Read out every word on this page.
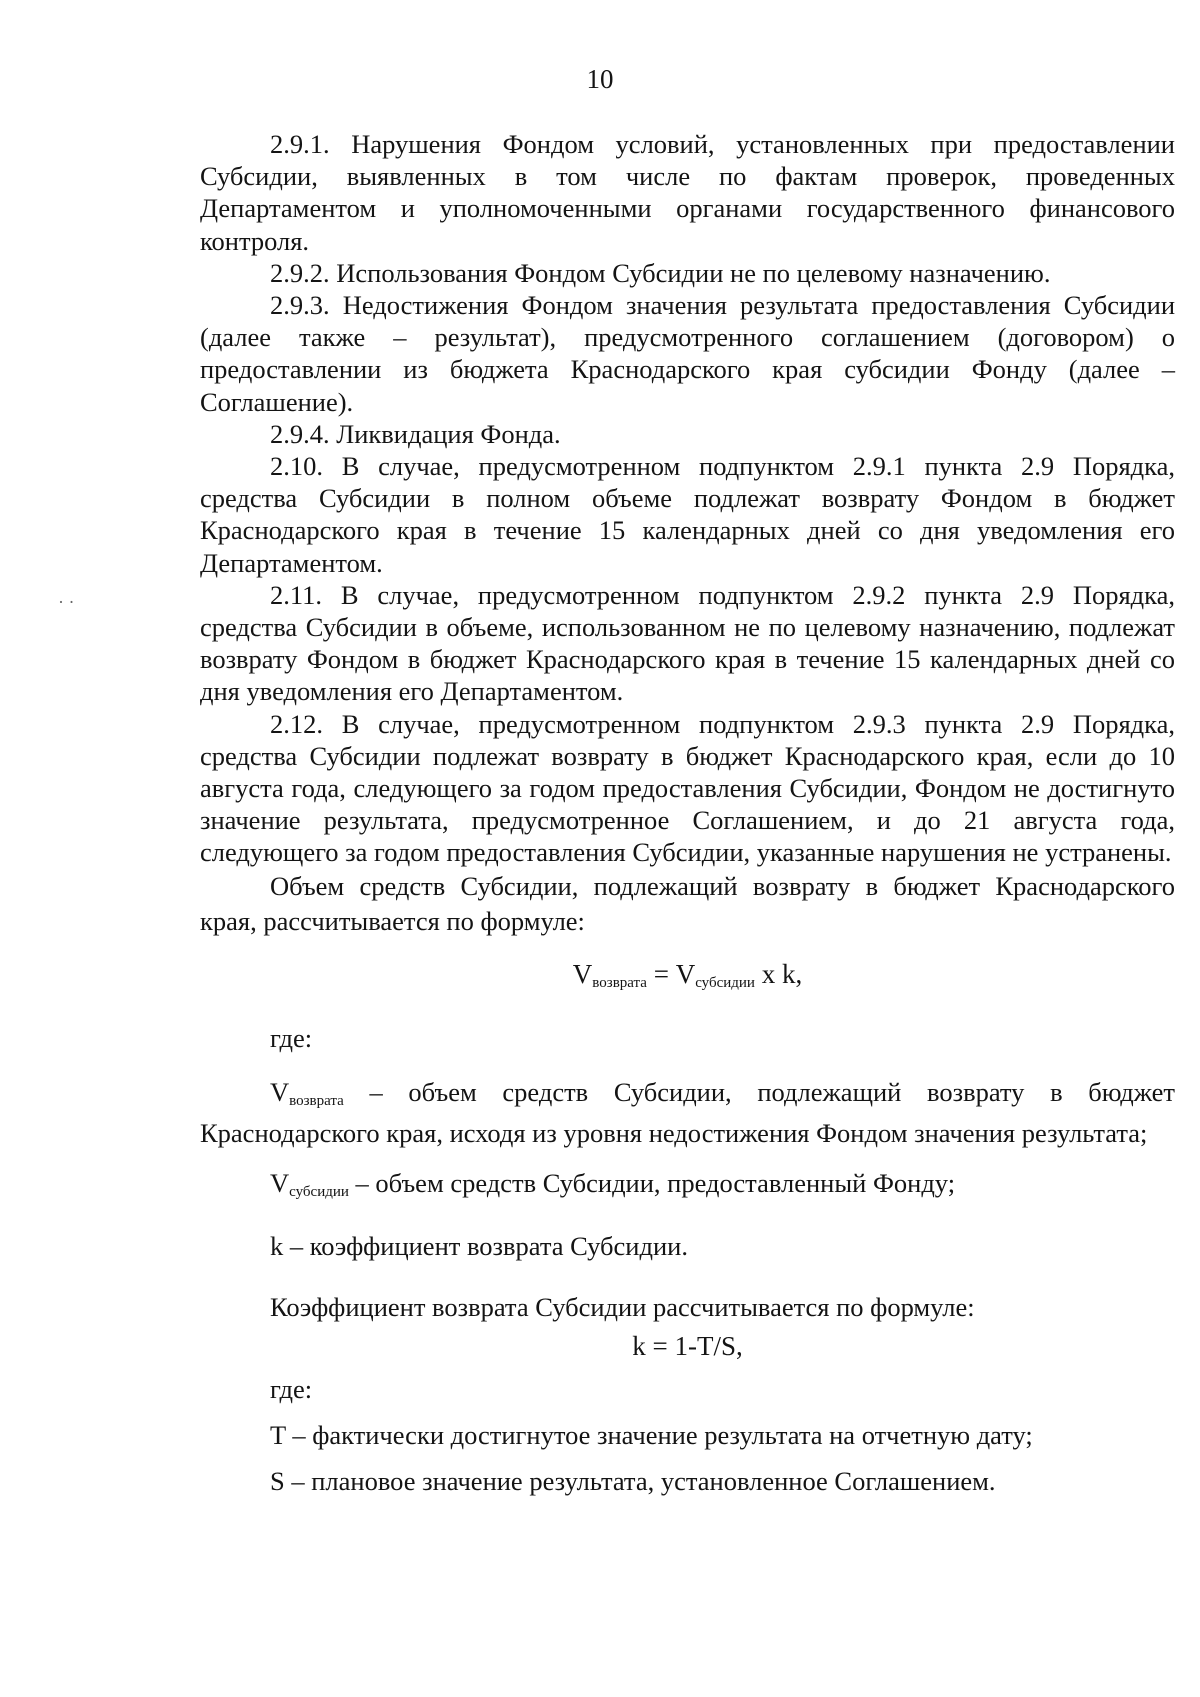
10
· ·

2.9.1. Нарушения Фондом условий, установленных при предоставлении Субсидии, выявленных в том числе по фактам проверок, проведенных Департаментом и уполномоченными органами государственного финансового контроля.

2.9.2. Использования Фондом Субсидии не по целевому назначению.

2.9.3. Недостижения Фондом значения результата предоставления Субсидии (далее также – результат), предусмотренного соглашением (договором) о предоставлении из бюджета Краснодарского края субсидии Фонду (далее – Соглашение).

2.9.4. Ликвидация Фонда.

2.10. В случае, предусмотренном подпунктом 2.9.1 пункта 2.9 Порядка, средства Субсидии в полном объеме подлежат возврату Фондом в бюджет Краснодарского края в течение 15 календарных дней со дня уведомления его Департаментом.

2.11. В случае, предусмотренном подпунктом 2.9.2 пункта 2.9 Порядка, средства Субсидии в объеме, использованном не по целевому назначению, подлежат возврату Фондом в бюджет Краснодарского края в течение 15 календарных дней со дня уведомления его Департаментом.

2.12. В случае, предусмотренном подпунктом 2.9.3 пункта 2.9 Порядка, средства Субсидии подлежат возврату в бюджет Краснодарского края, если до 10 августа года, следующего за годом предоставления Субсидии, Фондом не достигнуто значение результата, предусмотренное Соглашением, и до 21 августа года, следующего за годом предоставления Субсидии, указанные нарушения не устранены.

Объем средств Субсидии, подлежащий возврату в бюджет Краснодарского края, рассчитывается по формуле:

$V_{возврата} = V_{субсидии}$ x k,

где:

$V_{возврата}$ – объем средств Субсидии, подлежащий возврату в бюджет Краснодарского края, исходя из уровня недостижения Фондом значения результата;

$V_{субсидии}$ – объем средств Субсидии, предоставленный Фонду;

k – коэффициент возврата Субсидии.

Коэффициент возврата Субсидии рассчитывается по формуле:

k = 1-T/S,

где:

T – фактически достигнутое значение результата на отчетную дату;

S – плановое значение результата, установленное Соглашением.
